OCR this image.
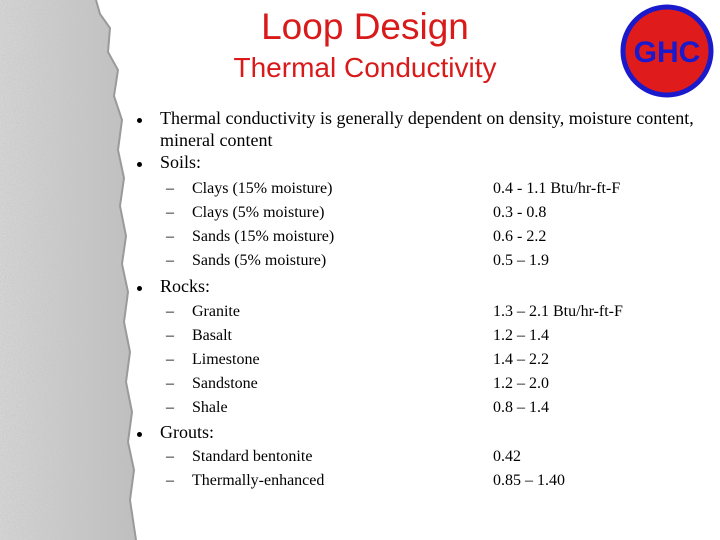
Loop Design
Thermal Conductivity	GHC
Thermal conductivity is generally dependent on density, moisture content, mineral content
Soils:
– Clays (15% moisture)	0.4 - 1.1 Btu/hr-ft-F
– Clays (5% moisture)	0.3 - 0.8
– Sands (15% moisture)	0.6 - 2.2
– Sands (5% moisture)	0.5 – 1.9
Rocks:
– Granite	1.3 – 2.1 Btu/hr-ft-F
– Basalt	1.2 – 1.4
– Limestone	1.4 – 2.2
– Sandstone	1.2 – 2.0
– Shale	0.8 – 1.4
Grouts:
– Standard bentonite	0.42
– Thermally-enhanced	0.85 – 1.40
